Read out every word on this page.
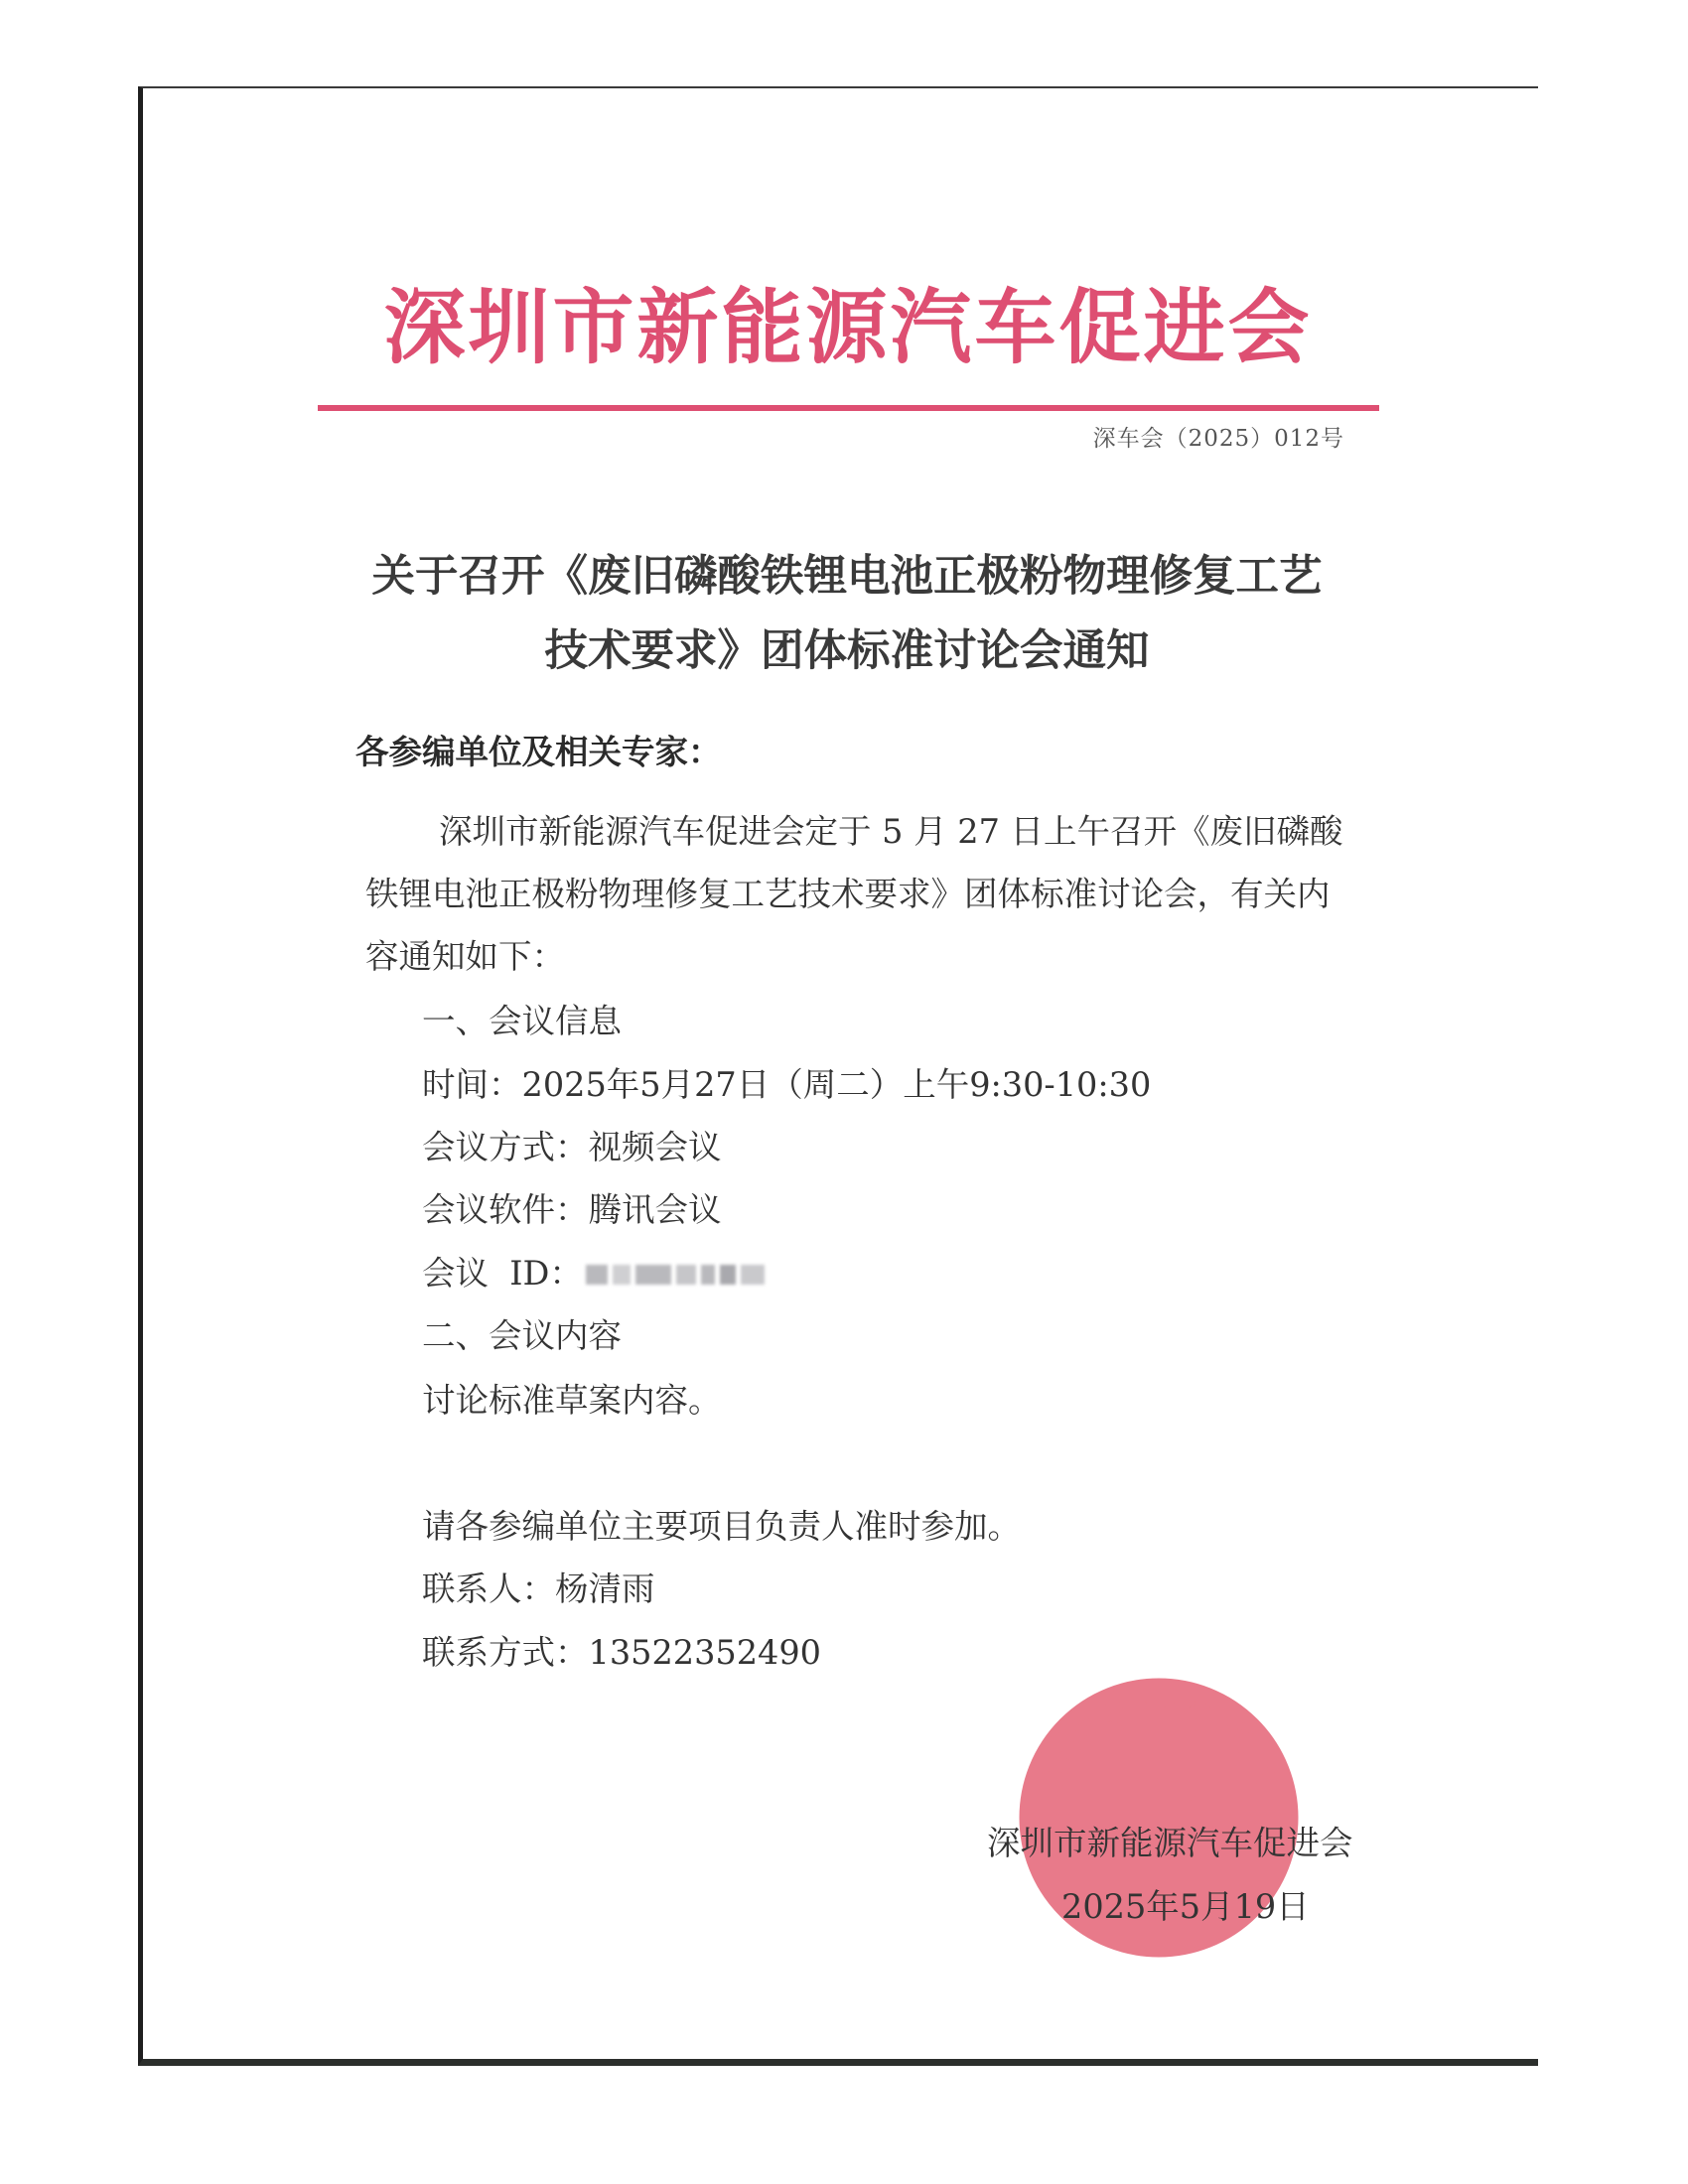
深圳市新能源汽车促进会
深车会（2025）012号
关于召开《废旧磷酸铁锂电池正极粉物理修复工艺
技术要求》团体标准讨论会通知
各参编单位及相关专家：
深圳市新能源汽车促进会定于 5 月 27 日上午召开《废旧磷酸
铁锂电池正极粉物理修复工艺技术要求》团体标准讨论会，有关内
容通知如下：
一、会议信息
时间：2025年5月27日（周二）上午9:30-10:30
会议方式：视频会议
会议软件：腾讯会议
会议  ID：
二、会议内容
讨论标准草案内容。
请各参编单位主要项目负责人准时参加。
联系人：杨清雨
联系方式：13522352490
圳市新能源汽车
深圳市新能源汽车促进会
2025年5月19日
